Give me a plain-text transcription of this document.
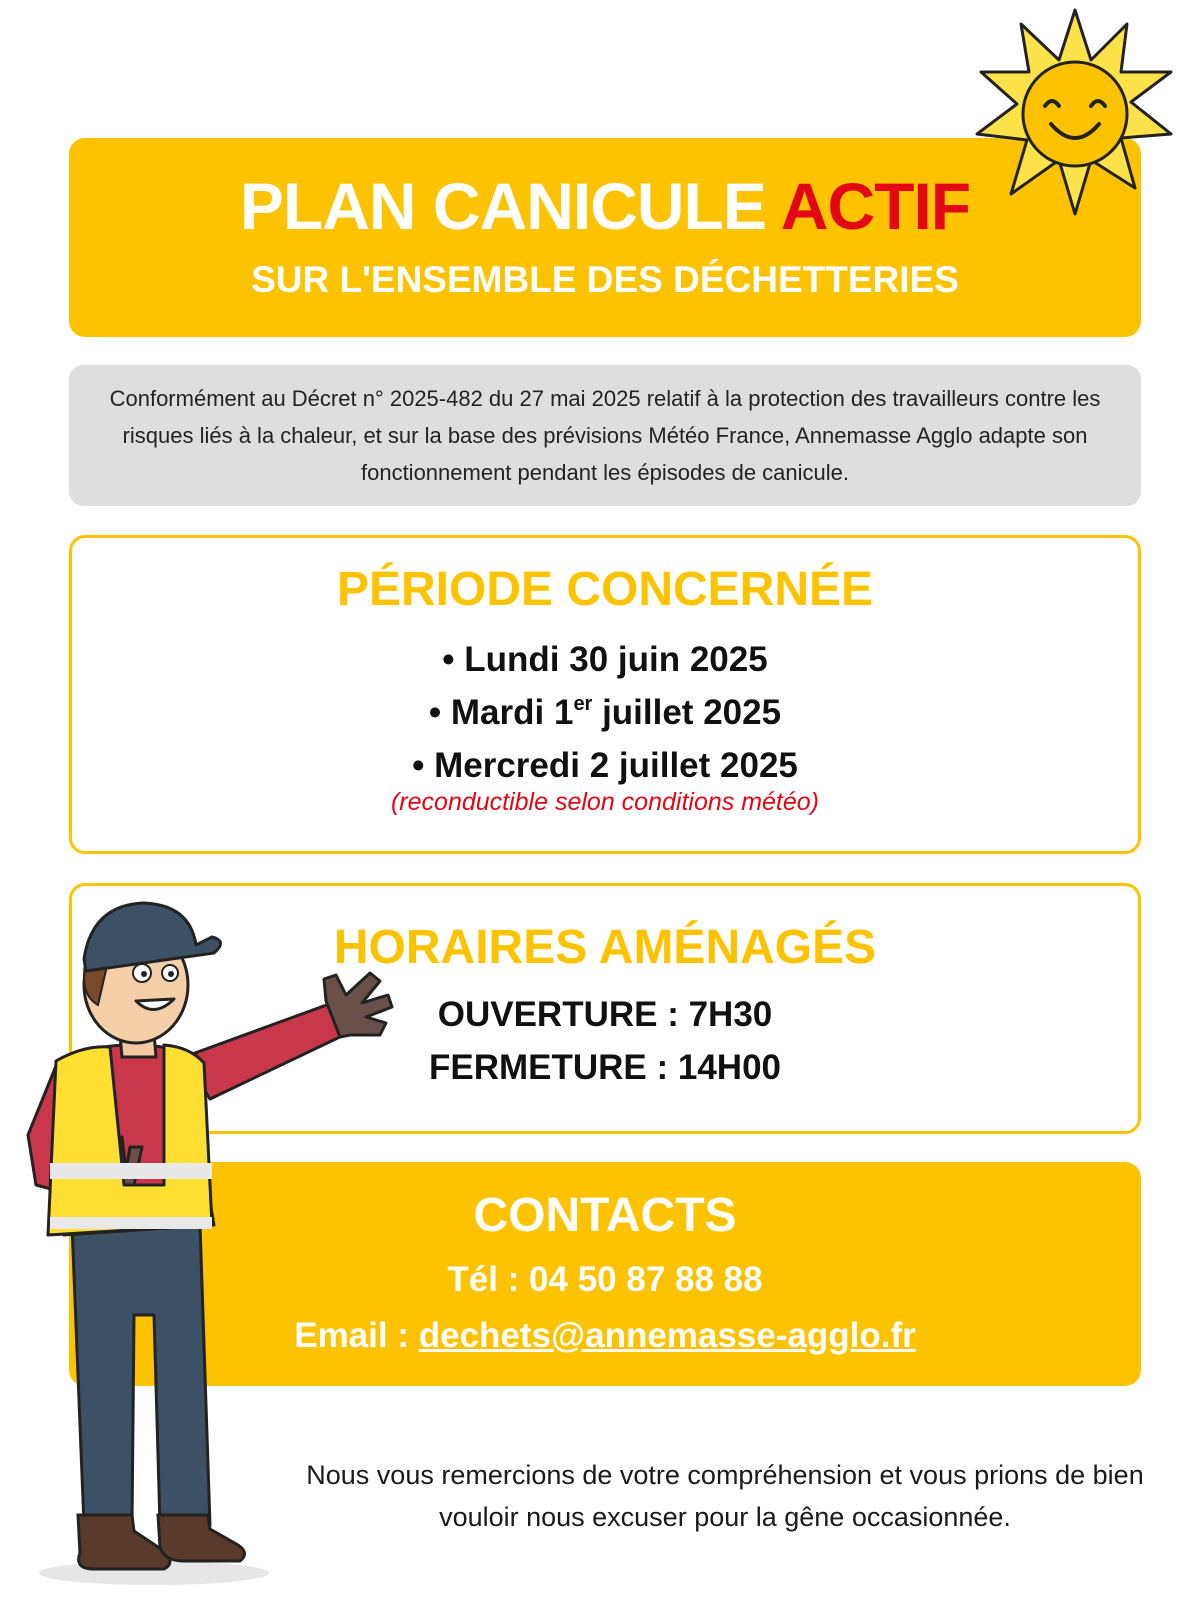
PLAN CANICULE ACTIF
SUR L'ENSEMBLE DES DÉCHETTERIES
Conformément au Décret n° 2025-482 du 27 mai 2025 relatif à la protection des travailleurs contre les risques liés à la chaleur, et sur la base des prévisions Météo France, Annemasse Agglo adapte son fonctionnement pendant les épisodes de canicule.
PÉRIODE CONCERNÉE
• Lundi 30 juin 2025
• Mardi 1er juillet 2025
• Mercredi 2 juillet 2025
(reconductible selon conditions météo)
HORAIRES AMÉNAGÉS
OUVERTURE : 7H30
FERMETURE : 14H00
CONTACTS
Tél : 04 50 87 88 88
Email : dechets@annemasse-agglo.fr
Nous vous remercions de votre compréhension et vous prions de bien vouloir nous excuser pour la gêne occasionnée.
